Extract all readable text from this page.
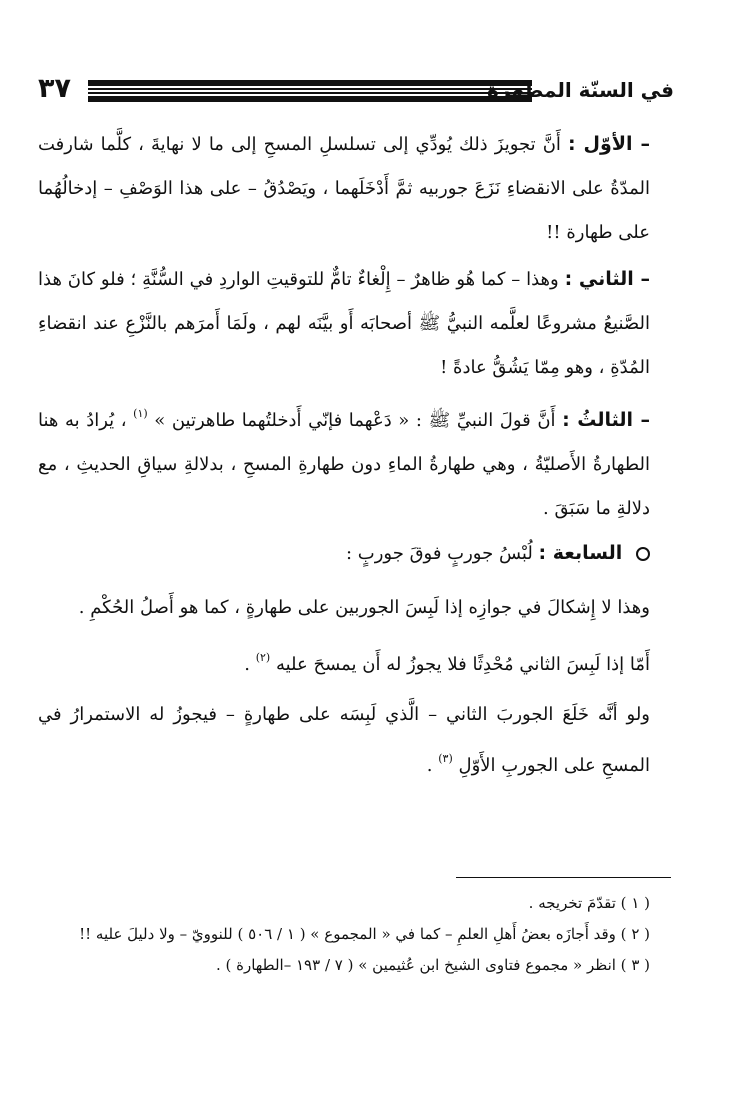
٣٧	في السنّة المطهرة

– الأوّل : أَنَّ تجويزَ ذلك يُودِّي إلى تسلسلِ المسحِ إلى ما لا نهايةَ ، كلَّما شارفت المدّةُ على الانقضاءِ نَزَعَ جوربيه ثمَّ أَدْخَلَهما ، ويَصْدُقُ – على هذا الوَصْفِ – إدخالُهُما على طهارة !!

– الثاني : وهذا – كما هُو ظاهرٌ – إِلْغاءٌ تامٌّ للتوقيتِ الواردِ في السُّنَّةِ ؛ فلو كانَ هذا الصَّنيعُ مشروعًا لعلَّمه النبيُّ ﷺ أصحابَه أَو بيَّنَه لهم ، ولَمَا أَمرَهم بالنَّزْعِ عند انقضاءِ المُدّةِ ، وهو مِمّا يَشُقُّ عادةً !

– الثالثُ : أَنَّ قولَ النبيِّ ﷺ : « دَعْهما فإنّي أَدخلتُهما طاهرتين » $^{(١)}$ ، يُرادُ به هنا الطهارةُ الأَصليّةُ ، وهي طهارةُ الماءِ دون طهارةِ المسحِ ، بدلالةِ سياقِ الحديثِ ، مع دلالةِ ما سَبَقَ .

السابعة : لُبْسُ جوربٍ فوقَ جوربٍ :

وهذا لا إِشكالَ في جوازِه إذا لَبِسَ الجوربين على طهارةٍ ، كما هو أَصلُ الحُكْمِ .

أَمّا إذا لَبِسَ الثاني مُحْدِثًا فلا يجوزُ له أَن يمسحَ عليه $^{(٢)}$ .

ولو أنَّه خَلَعَ الجوربَ الثاني – الَّذي لَبِسَه على طهارةٍ – فيجوزُ له الاستمرارُ في المسحِ على الجوربِ الأَوّلِ $^{(٣)}$ .

( ١ ) تقدّمَ تخريجه .

( ٢ ) وقد أَجازَه بعضُ أَهلِ العلمِ – كما في « المجموع » ( ١ / ٥٠٦ ) للنوويّ – ولا دليلَ عليه !!

( ٣ ) انظر « مجموع فتاوى الشيخ ابن عُثيمين » ( ٧ / ١٩٣ –الطهارة ) .
